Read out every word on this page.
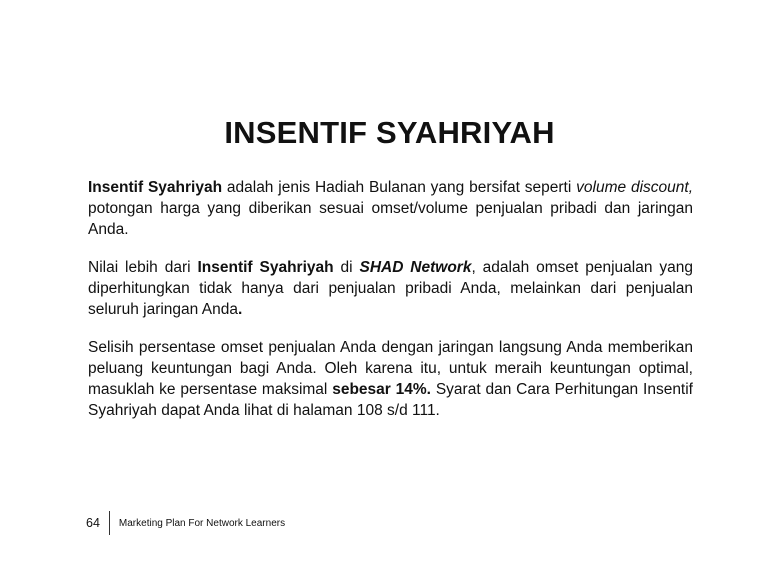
INSENTIF SYAHRIYAH

Insentif Syahriyah adalah jenis Hadiah Bulanan yang bersifat seperti volume discount, potongan harga yang diberikan sesuai omset/volume penjualan pribadi dan jaringan Anda.

Nilai lebih dari Insentif Syahriyah di SHAD Network, adalah omset penjualan yang diperhitungkan tidak hanya dari penjualan pribadi Anda, melainkan dari penjualan seluruh jaringan Anda.

Selisih persentase omset penjualan Anda dengan jaringan langsung Anda memberikan peluang keuntungan bagi Anda. Oleh karena itu, untuk meraih keuntungan optimal, masuklah ke persentase maksimal sebesar 14%. Syarat dan Cara Perhitungan Insentif Syahriyah dapat Anda lihat di halaman 108 s/d 111.

64	Marketing Plan For Network Learners
